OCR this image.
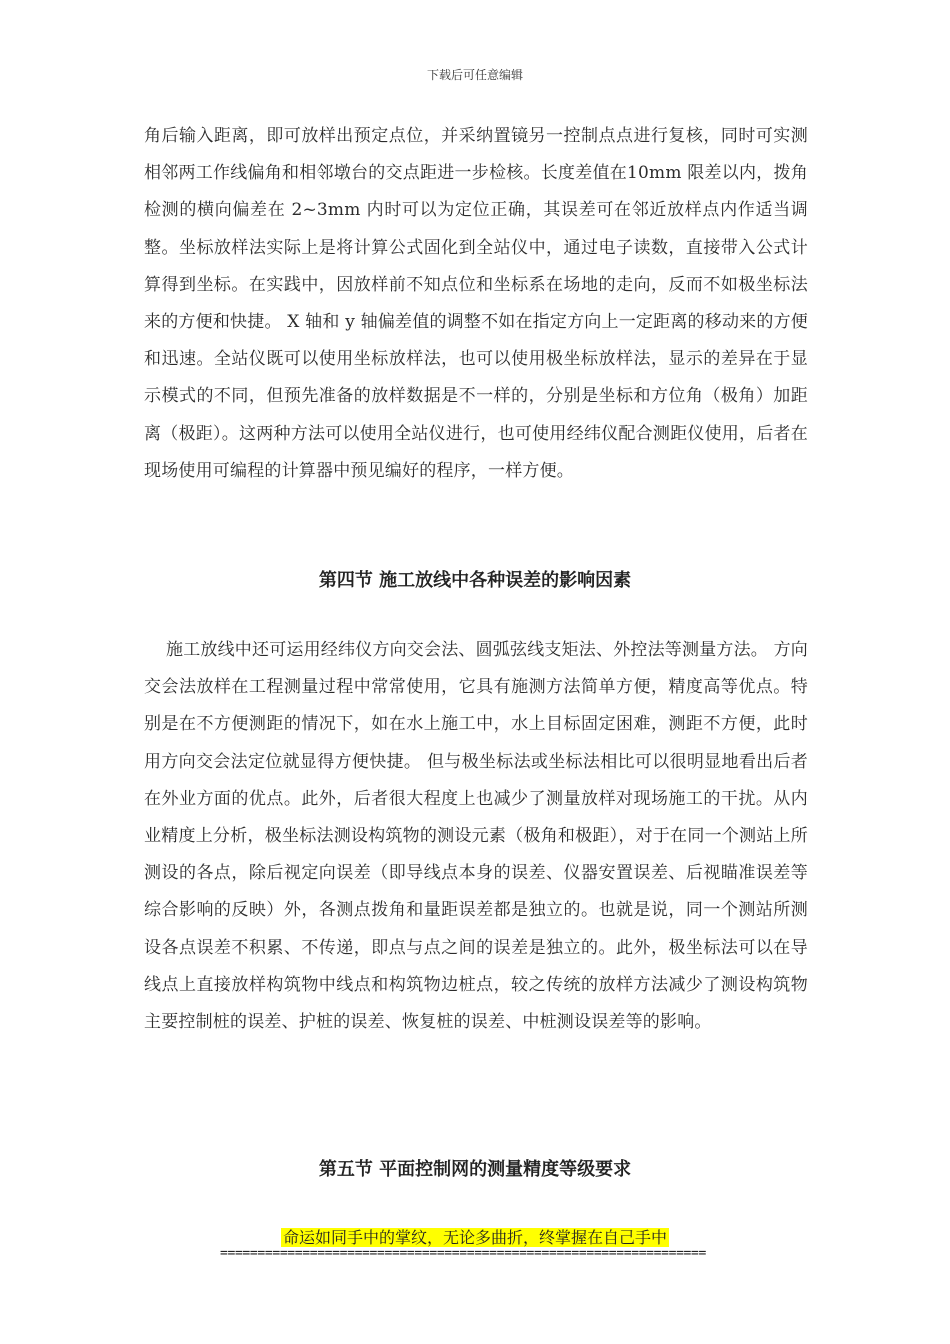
下载后可任意编辑
角后输入距离，即可放样出预定点位，并采纳置镜另一控制点点进行复核，同时可实测相邻两工作线偏角和相邻墩台的交点距进一步检核。长度差值在10mm 限差以内，拨角检测的横向偏差在 2~3mm 内时可以为定位正确，其误差可在邻近放样点内作适当调整。坐标放样法实际上是将计算公式固化到全站仪中，通过电子读数，直接带入公式计算得到坐标。在实践中，因放样前不知点位和坐标系在场地的走向，反而不如极坐标法来的方便和快捷。 X 轴和 y 轴偏差值的调整不如在指定方向上一定距离的移动来的方便和迅速。全站仪既可以使用坐标放样法，也可以使用极坐标放样法，显示的差异在于显示模式的不同，但预先准备的放样数据是不一样的，分别是坐标和方位角（极角）加距离（极距）。这两种方法可以使用全站仪进行，也可使用经纬仪配合测距仪使用，后者在现场使用可编程的计算器中预见编好的程序，一样方便。
第四节 施工放线中各种误差的影响因素
施工放线中还可运用经纬仪方向交会法、圆弧弦线支矩法、外控法等测量方法。 方向交会法放样在工程测量过程中常常使用，它具有施测方法简单方便，精度高等优点。特别是在不方便测距的情况下，如在水上施工中，水上目标固定困难，测距不方便，此时用方向交会法定位就显得方便快捷。 但与极坐标法或坐标法相比可以很明显地看出后者在外业方面的优点。此外，后者很大程度上也减少了测量放样对现场施工的干扰。从内业精度上分析，极坐标法测设构筑物的测设元素（极角和极距），对于在同一个测站上所测设的各点，除后视定向误差（即导线点本身的误差、仪器安置误差、后视瞄准误差等综合影响的反映）外，各测点拨角和量距误差都是独立的。也就是说，同一个测站所测设各点误差不积累、不传递，即点与点之间的误差是独立的。此外，极坐标法可以在导线点上直接放样构筑物中线点和构筑物边桩点，较之传统的放样方法减少了测设构筑物主要控制桩的误差、护桩的误差、恢复桩的误差、中桩测设误差等的影响。
第五节 平面控制网的测量精度等级要求
命运如同手中的掌纹，无论多曲折，终掌握在自己手中
=================================================================
